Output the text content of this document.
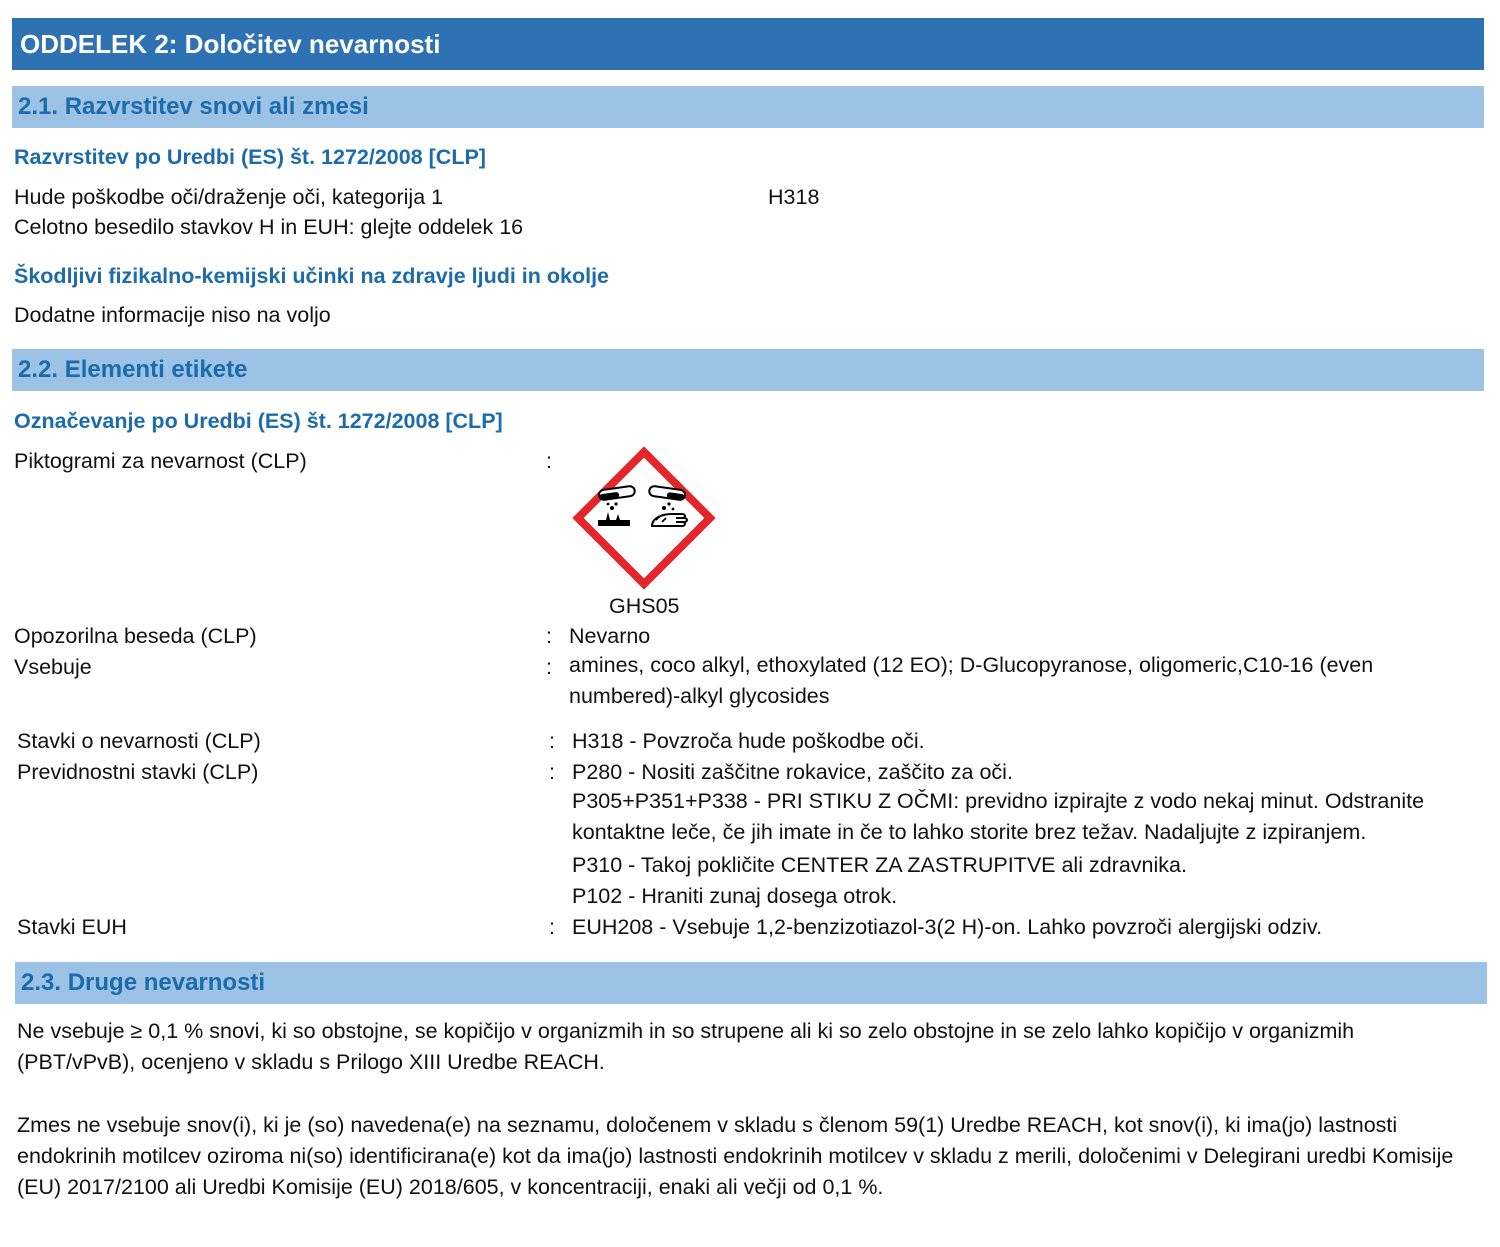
ODDELEK 2: Določitev nevarnosti
2.1. Razvrstitev snovi ali zmesi
Razvrstitev po Uredbi (ES) št. 1272/2008 [CLP]
Hude poškodbe oči/draženje oči, kategorija 1	H318
Celotno besedilo stavkov H in EUH: glejte oddelek 16
Škodljivi fizikalno-kemijski učinki na zdravje ljudi in okolje
Dodatne informacije niso na voljo
2.2. Elementi etikete
Označevanje po Uredbi (ES) št. 1272/2008 [CLP]
Piktogrami za nevarnost (CLP)	:
GHS05
Opozorilna beseda (CLP)	: Nevarno
Vsebuje	: amines, coco alkyl, ethoxylated (12 EO); D-Glucopyranose, oligomeric,C10-16 (even numbered)-alkyl glycosides
Stavki o nevarnosti (CLP)	: H318 - Povzroča hude poškodbe oči.
Previdnostni stavki (CLP)	: P280 - Nositi zaščitne rokavice, zaščito za oči.
P305+P351+P338 - PRI STIKU Z OČMI: previdno izpirajte z vodo nekaj minut. Odstranite kontaktne leče, če jih imate in če to lahko storite brez težav. Nadaljujte z izpiranjem.
P310 - Takoj pokličite CENTER ZA ZASTRUPITVE ali zdravnika.
P102 - Hraniti zunaj dosega otrok.
Stavki EUH	: EUH208 - Vsebuje 1,2-benzizotiazol-3(2 H)-on. Lahko povzroči alergijski odziv.
2.3. Druge nevarnosti
Ne vsebuje ≥ 0,1 % snovi, ki so obstojne, se kopičijo v organizmih in so strupene ali ki so zelo obstojne in se zelo lahko kopičijo v organizmih (PBT/vPvB), ocenjeno v skladu s Prilogo XIII Uredbe REACH.
Zmes ne vsebuje snov(i), ki je (so) navedena(e) na seznamu, določenem v skladu s členom 59(1) Uredbe REACH, kot snov(i), ki ima(jo) lastnosti endokrinih motilcev oziroma ni(so) identificirana(e) kot da ima(jo) lastnosti endokrinih motilcev v skladu z merili, določenimi v Delegirani uredbi Komisije (EU) 2017/2100 ali Uredbi Komisije (EU) 2018/605, v koncentraciji, enaki ali večji od 0,1 %.
